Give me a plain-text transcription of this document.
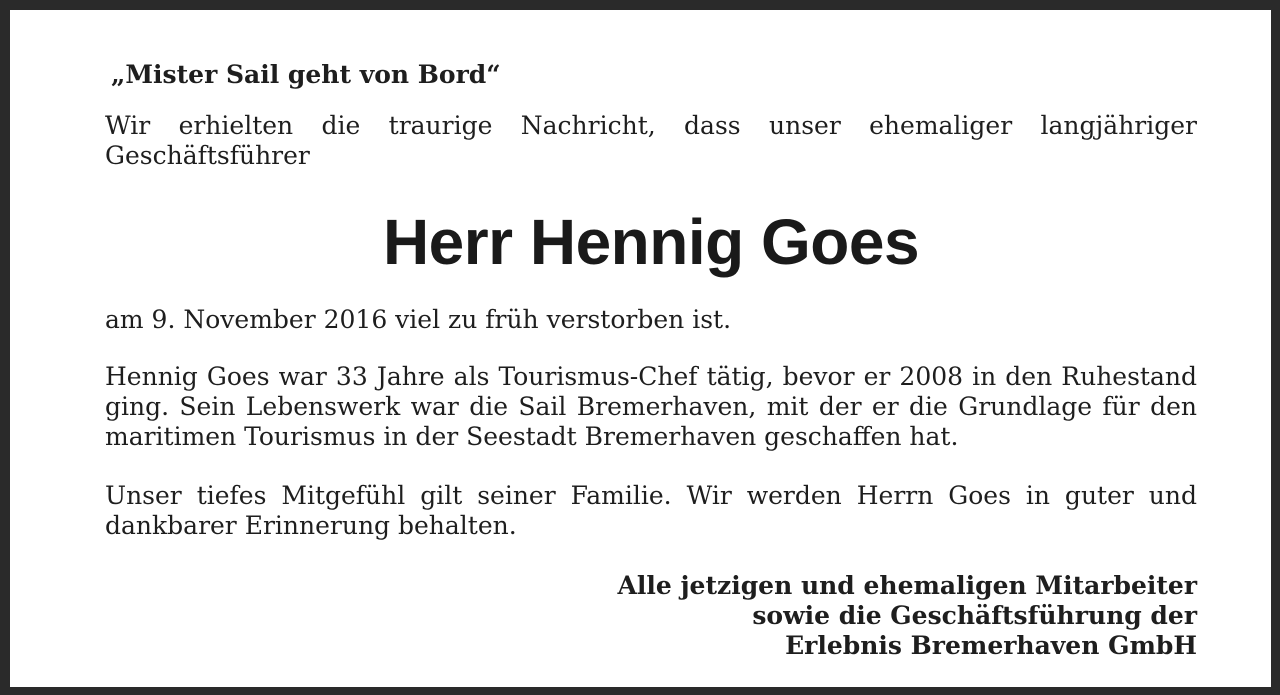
„Mister Sail geht von Bord“

Wir erhielten die traurige Nachricht, dass unser ehemaliger langjähriger Geschäftsführer

Herr Hennig Goes

am 9. November 2016 viel zu früh verstorben ist.

Hennig Goes war 33 Jahre als Tourismus-Chef tätig, bevor er 2008 in den Ruhestand ging. Sein Lebenswerk war die Sail Bremerhaven, mit der er die Grundlage für den maritimen Tourismus in der Seestadt Bremerhaven geschaffen hat.

Unser tiefes Mitgefühl gilt seiner Familie. Wir werden Herrn Goes in guter und dankbarer Erinnerung behalten.

Alle jetzigen und ehemaligen Mitarbeiter
sowie die Geschäftsführung der
Erlebnis Bremerhaven GmbH
